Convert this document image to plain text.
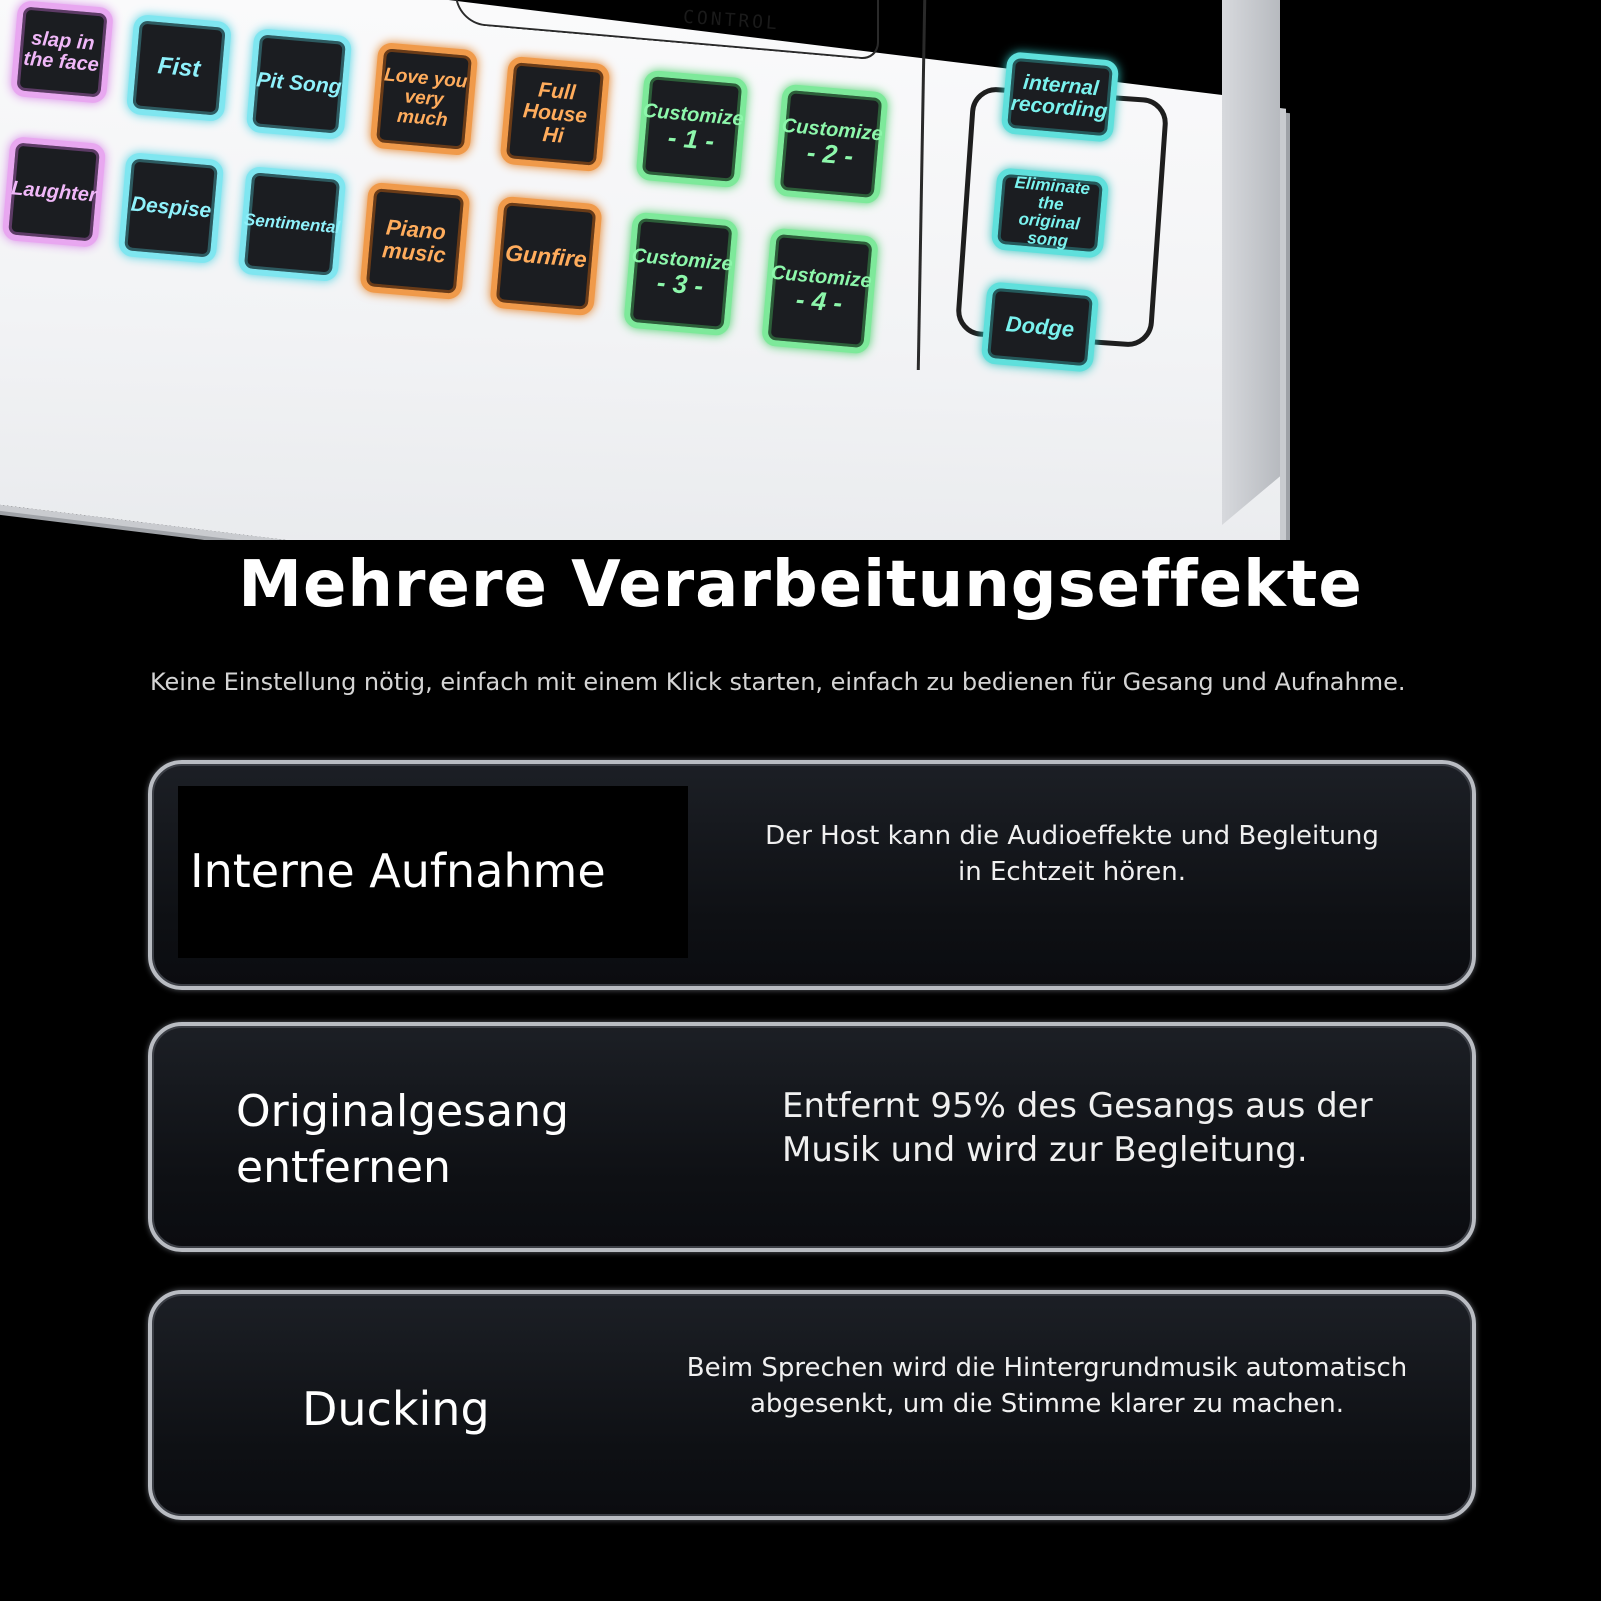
CONTROL
slap in
the face Fist
Pit Song Love you
very much
Full
House Hi
Customize
- 1 -	Customize
- 2 -
Laughter
Despise
Sentimental Piano
music Gunfire Customize
- 3 -	Customize
- 4 -
internal
recording
Eliminate the
original song
Dodge
Mehrere Verarbeitungseffekte

Keine Einstellung nötig, einfach mit einem Klick starten, einfach zu bedienen für Gesang und Aufnahme.

Interne Aufnahme

Der Host kann die Audioeffekte und Begleitung
in Echtzeit hören.

Originalgesang
entfernen

Entfernt 95% des Gesangs aus der
Musik und wird zur Begleitung.

Ducking

Beim Sprechen wird die Hintergrundmusik automatisch
abgesenkt, um die Stimme klarer zu machen.
